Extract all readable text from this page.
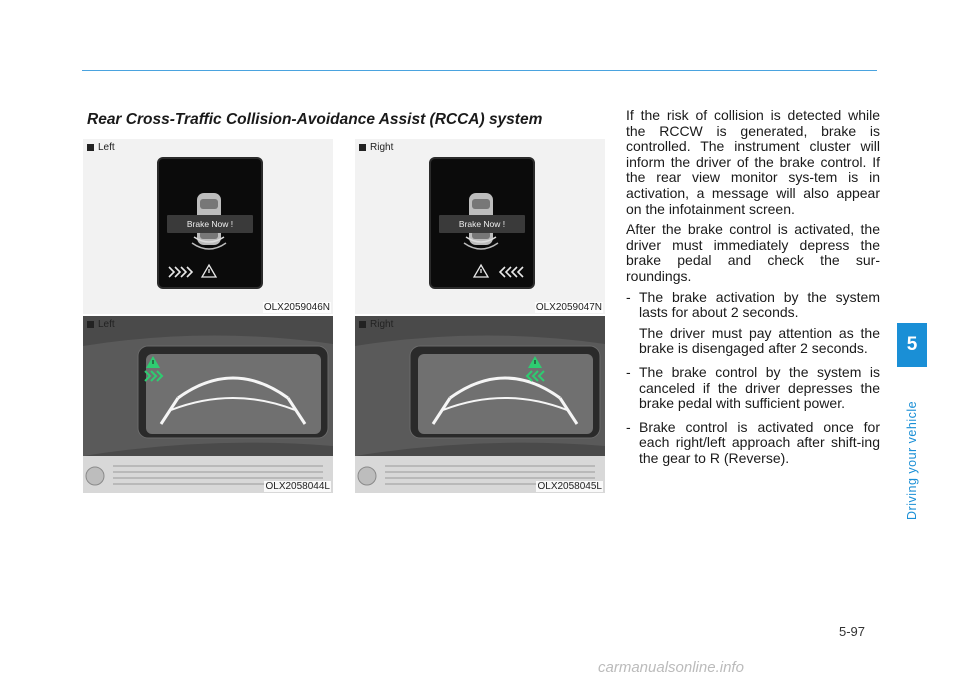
Rear Cross-Traffic Collision-Avoidance Assist (RCCA) system
Left
Brake Now !
OLX2059046N
Right
Brake Now !
OLX2059047N
Left
OLX2058044L
Right
OLX2058045L

If the risk of collision is detected while the RCCW is generated, brake is controlled. The instrument cluster will inform the driver of the brake control. If the rear view monitor sys-tem is in activation, a message will also appear on the infotainment screen.

After the brake control is activated, the driver must immediately depress the brake pedal and check the sur-roundings.

- The brake activation by the system lasts for about 2 seconds.

The driver must pay attention as the brake is disengaged after 2 seconds.

- The brake control by the system is canceled if the driver depresses the brake pedal with sufficient power.

- Brake control is activated once for each right/left approach after shift-ing the gear to R (Reverse).

5
Driving your vehicle
5-97
carmanualsonline.info
